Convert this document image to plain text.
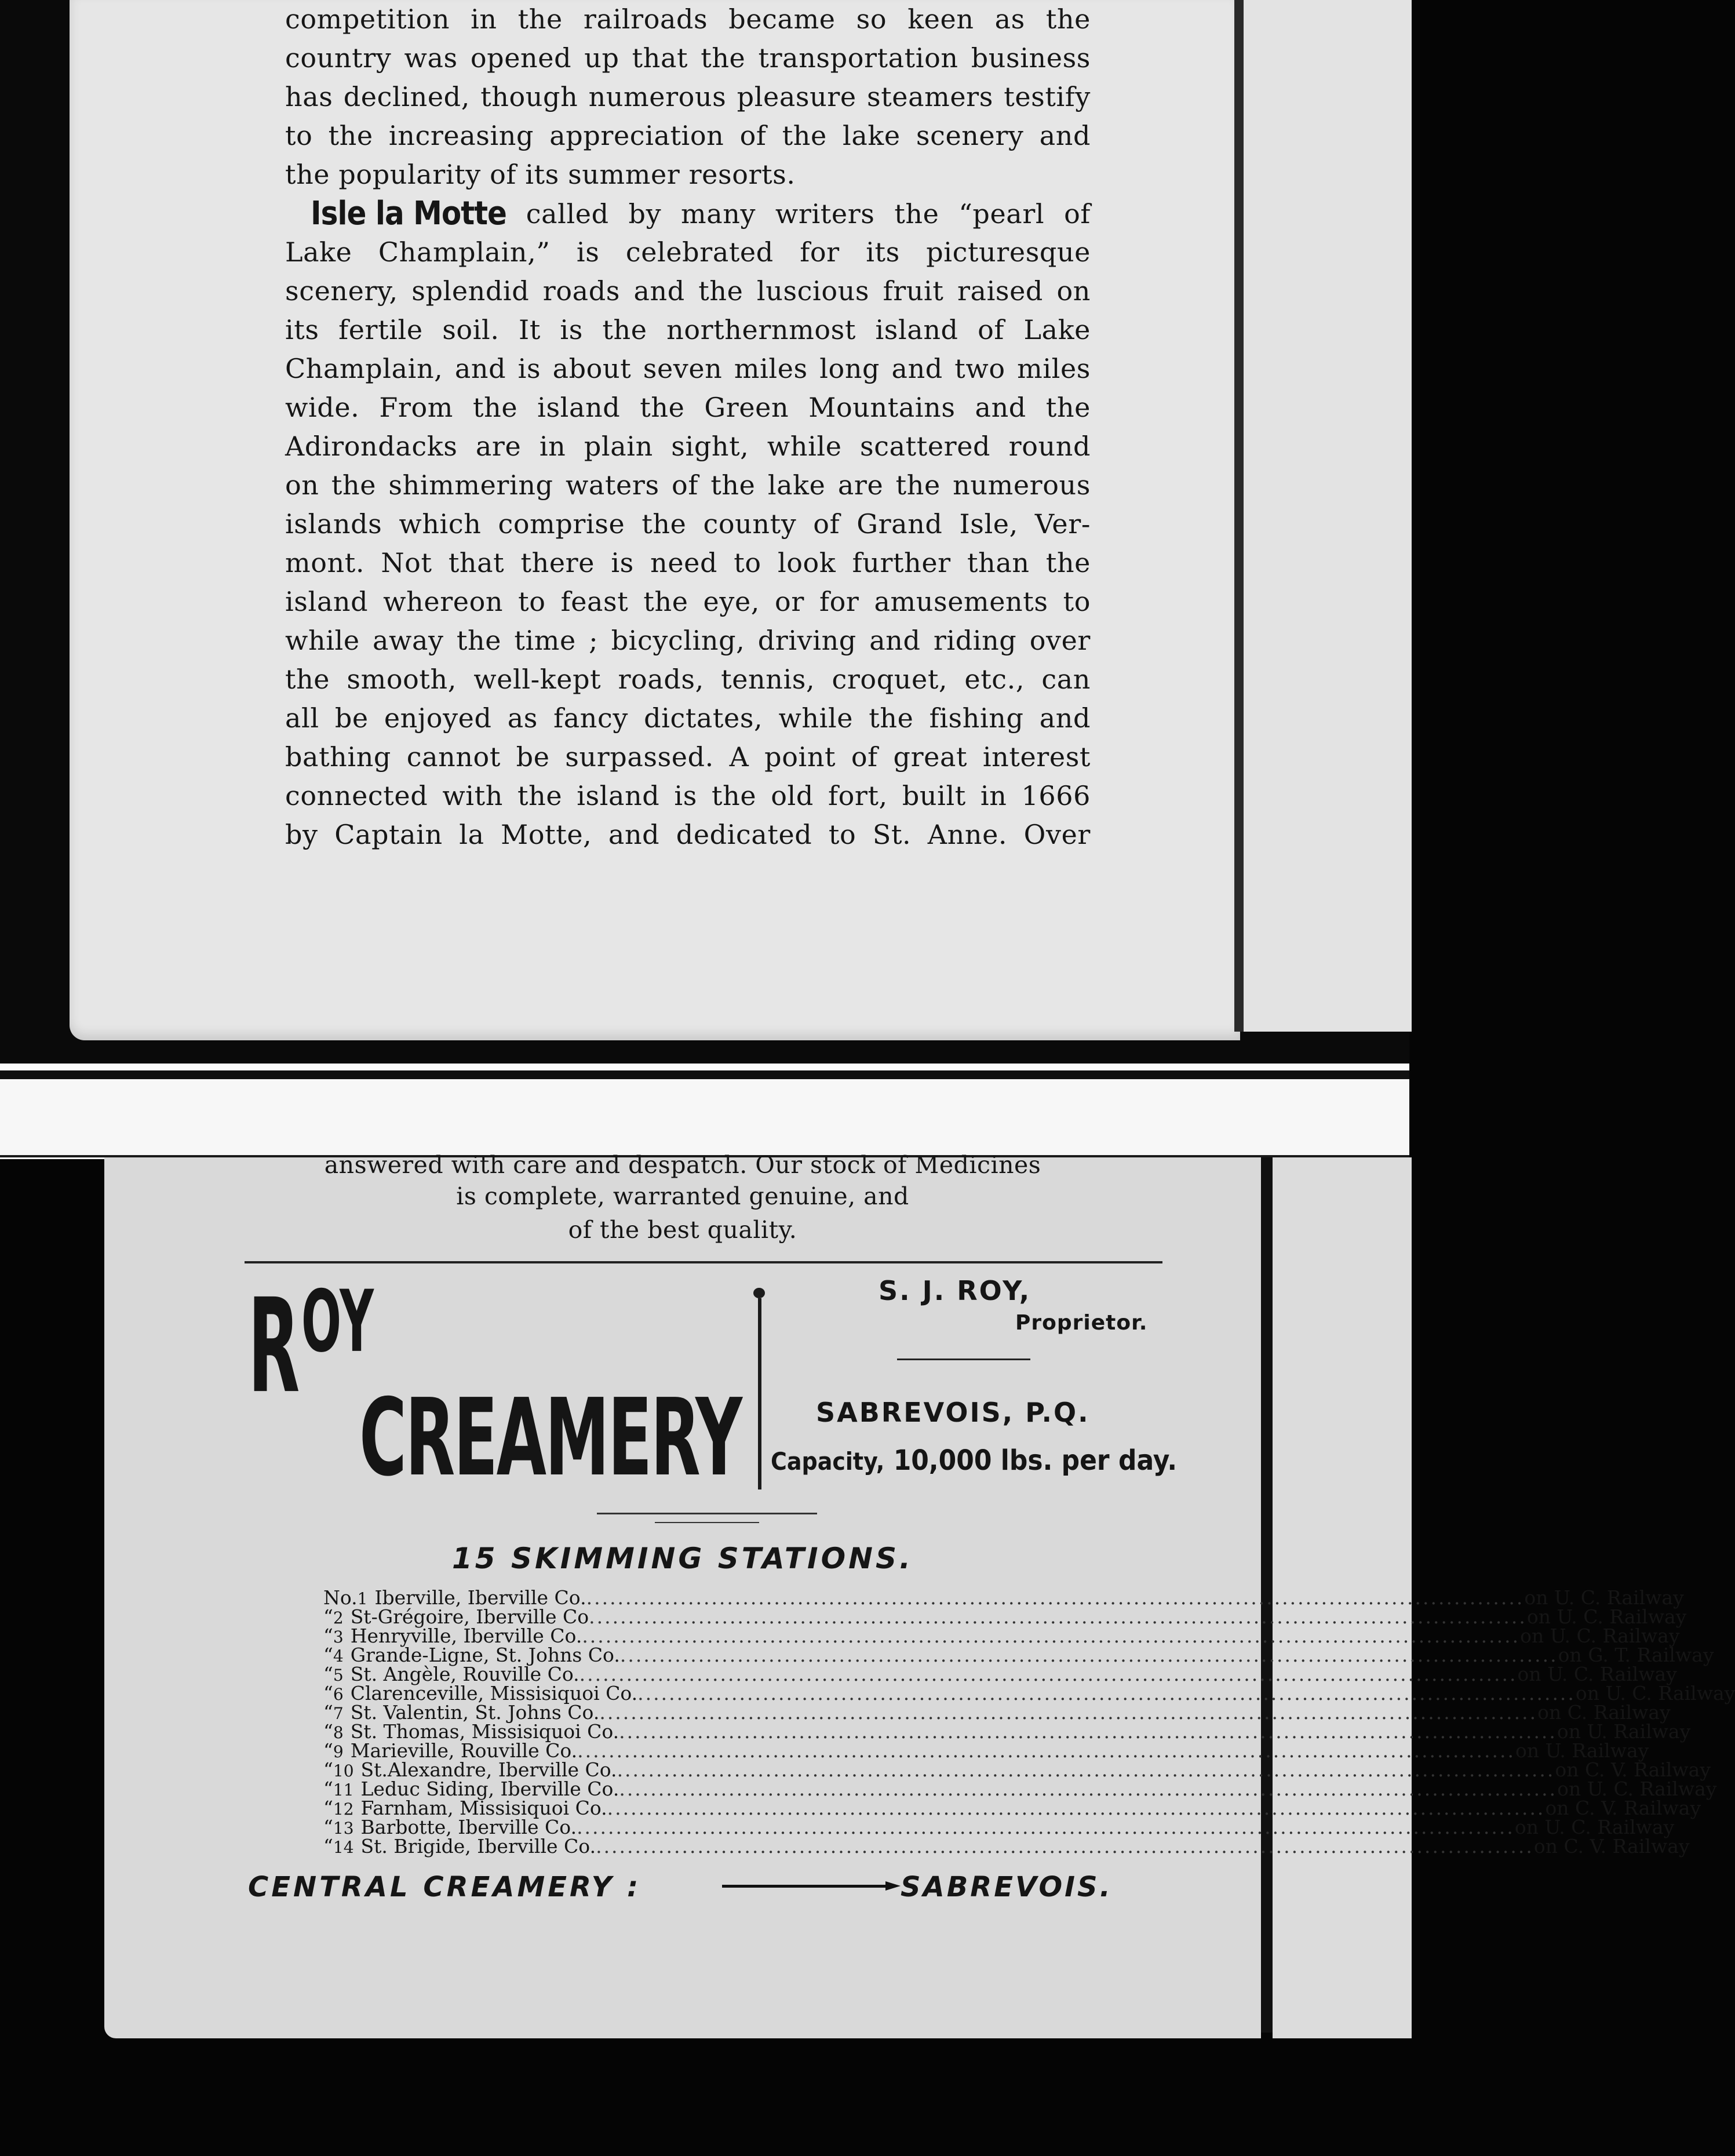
competition in the railroads became so keen as the
country was opened up that the transportation business
has declined, though numerous pleasure steamers testify
to the increasing appreciation of the lake scenery and
the popularity of its summer resorts.
Isle la Motte called by many writers the “pearl of
Lake Champlain,” is celebrated for its picturesque
scenery, splendid roads and the luscious fruit raised on
its fertile soil. It is the northernmost island of Lake
Champlain, and is about seven miles long and two miles
wide. From the island the Green Mountains and the
Adirondacks are in plain sight, while scattered round
on the shimmering waters of the lake are the numerous
islands which comprise the county of Grand Isle, Ver-
mont. Not that there is need to look further than the
island whereon to feast the eye, or for amusements to
while away the time ; bicycling, driving and riding over
the smooth, well-kept roads, tennis, croquet, etc., can
all be enjoyed as fancy dictates, while the fishing and
bathing cannot be surpassed. A point of great interest
connected with the island is the old fort, built in 1666
by Captain la Motte, and dedicated to St. Anne. Over
answered with care and despatch. Our stock of Medicines
is complete, warranted genuine, and
of the best quality.
R OY
CREAMERY
S. J. ROY,
Proprietor.
SABREVOIS, P.Q.
Capacity, 10,000 lbs. per day.
15 SKIMMING STATIONS.
No. 1 Iberville, Iberville Co. ........................................................................................................................ on U. C. Railway
“ 2 St-Grégoire, Iberville Co ........................................................................................................................ on U. C. Railway
“ 3 Henryville, Iberville Co. ........................................................................................................................ on U. C. Railway
“ 4 Grande-Ligne, St. Johns Co. ........................................................................................................................ on G. T. Railway
“ 5 St. Angèle, Rouville Co. ........................................................................................................................ on U. C. Railway
“ 6 Clarenceville, Missisiquoi Co. ........................................................................................................................ on U. C. Railway
“ 7 St. Valentin, St. Johns Co. ........................................................................................................................ on C. Railway
“ 8 St. Thomas, Missisiquoi Co. ........................................................................................................................ on U. Railway
“ 9 Marieville, Rouville Co. ........................................................................................................................ on U. Railway
“ 10 St.Alexandre, Iberville Co. ........................................................................................................................ on C. V. Railway
“ 11 Leduc Siding, Iberville Co. ........................................................................................................................ on U. C. Railway
“ 12 Farnham, Missisiquoi Co. ........................................................................................................................ on C. V. Railway
“ 13 Barbotte, Iberville Co. ........................................................................................................................ on U. C. Railway
“ 14 St. Brigide, Iberville Co. ........................................................................................................................ on C. V. Railway
CENTRAL CREAMERY :	SABREVOIS.
